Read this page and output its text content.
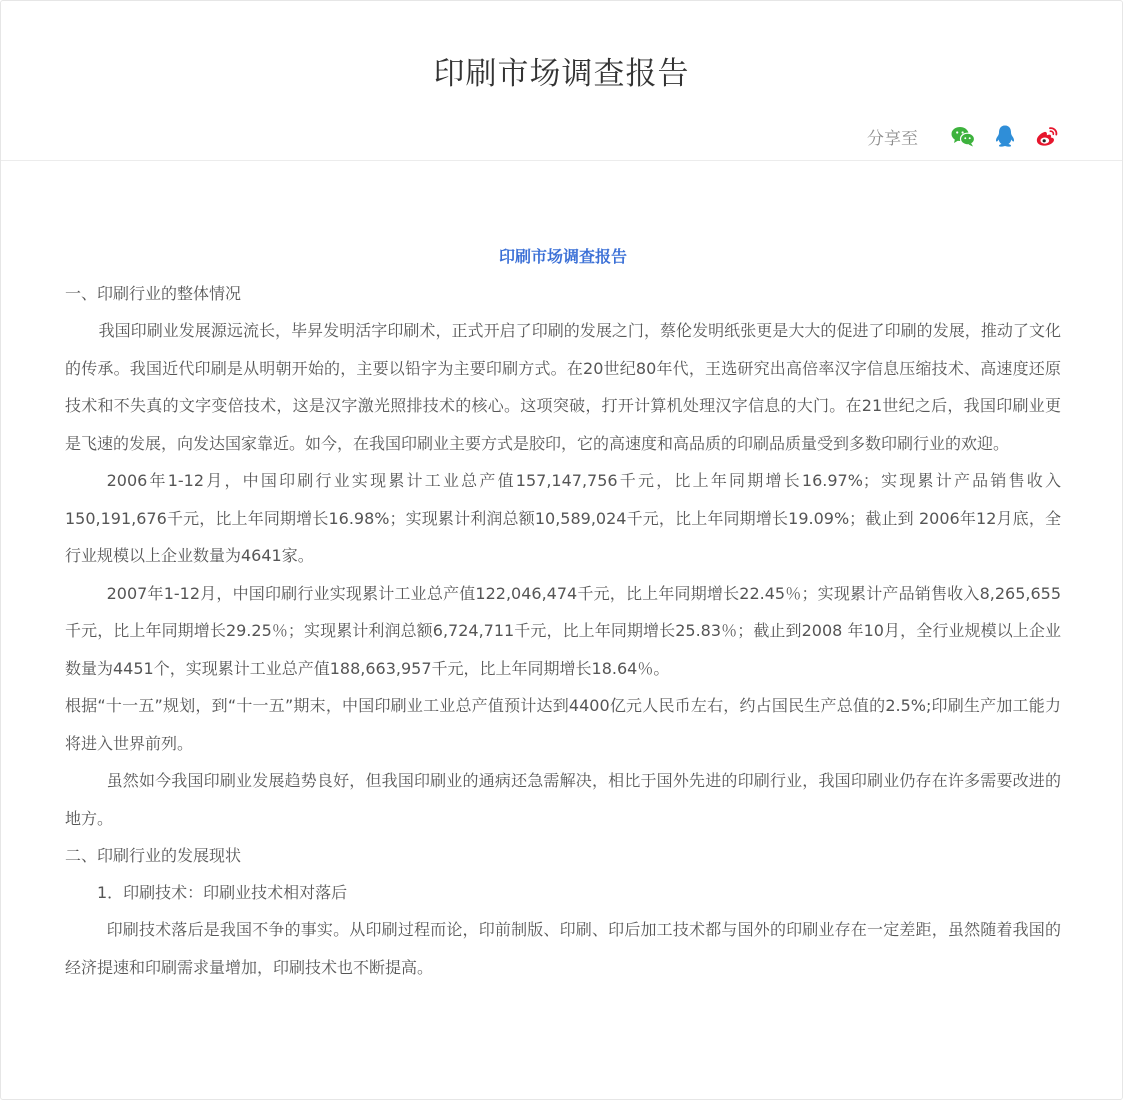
印刷市场调查报告
分享至
印刷市场调查报告
一、印刷行业的整体情况

我国印刷业发展源远流长，毕昇发明活字印刷术，正式开启了印刷的发展之门，蔡伦发明纸张更是大大的促进了印刷的发展，推动了文化的传承。我国近代印刷是从明朝开始的，主要以铅字为主要印刷方式。在20世纪80年代，王选研究出高倍率汉字信息压缩技术、高速度还原技术和不失真的文字变倍技术，这是汉字激光照排技术的核心。这项突破，打开计算机处理汉字信息的大门。在21世纪之后，我国印刷业更是飞速的发展，向发达国家靠近。如今，在我国印刷业主要方式是胶印，它的高速度和高品质的印刷品质量受到多数印刷行业的欢迎。

2006年1-12月，中国印刷行业实现累计工业总产值157,147,756千元，比上年同期增长16.97%；实现累计产品销售收入150,191,676千元，比上年同期增长16.98%；实现累计利润总额10,589,024千元，比上年同期增长19.09%；截止到 2006年12月底，全行业规模以上企业数量为4641家。

2007年1-12月，中国印刷行业实现累计工业总产值122,046,474千元，比上年同期增长22.45％；实现累计产品销售收入8,265,655千元，比上年同期增长29.25％；实现累计利润总额6,724,711千元，比上年同期增长25.83％；截止到2008 年10月，全行业规模以上企业数量为4451个，实现累计工业总产值188,663,957千元，比上年同期增长18.64％。

根据“十一五”规划，到“十一五”期末，中国印刷业工业总产值预计达到4400亿元人民币左右，约占国民生产总值的2.5%;印刷生产加工能力将进入世界前列。

虽然如今我国印刷业发展趋势良好，但我国印刷业的通病还急需解决，相比于国外先进的印刷行业，我国印刷业仍存在许多需要改进的地方。

二、印刷行业的发展现状
1．印刷技术：印刷业技术相对落后

印刷技术落后是我国不争的事实。从印刷过程而论，印前制版、印刷、印后加工技术都与国外的印刷业存在一定差距，虽然随着我国的经济提速和印刷需求量增加，印刷技术也不断提高。
